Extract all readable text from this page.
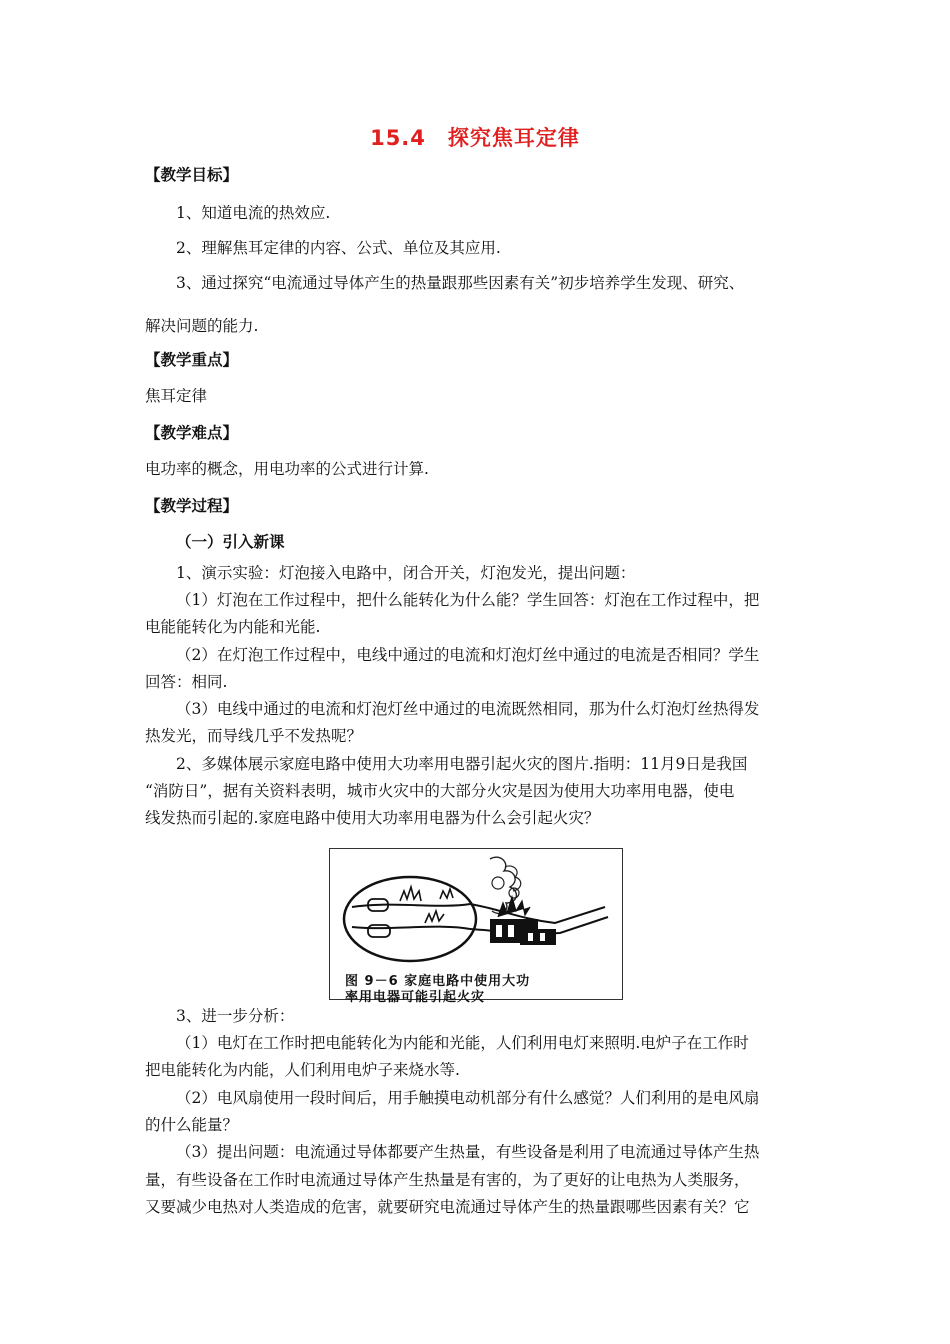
15.4 探究焦耳定律
【教学目标】
1、知道电流的热效应.
2、理解焦耳定律的内容、公式、单位及其应用.
3、通过探究“电流通过导体产生的热量跟那些因素有关”初步培养学生发现、研究、
解决问题的能力.
【教学重点】
焦耳定律
【教学难点】
电功率的概念，用电功率的公式进行计算.
【教学过程】
（一）引入新课
1、演示实验：灯泡接入电路中，闭合开关，灯泡发光，提出问题：
（1）灯泡在工作过程中，把什么能转化为什么能？学生回答：灯泡在工作过程中，把
电能能转化为内能和光能.
（2）在灯泡工作过程中，电线中通过的电流和灯泡灯丝中通过的电流是否相同？学生
回答：相同.
（3）电线中通过的电流和灯泡灯丝中通过的电流既然相同，那为什么灯泡灯丝热得发
热发光，而导线几乎不发热呢？
2、多媒体展示家庭电路中使用大功率用电器引起火灾的图片.指明：11月9日是我国
“消防日”，据有关资料表明，城市火灾中的大部分火灾是因为使用大功率用电器，使电
线发热而引起的.家庭电路中使用大功率用电器为什么会引起火灾？
图 9－6 家庭电路中使用大功
率用电器可能引起火灾
3、进一步分析：
（1）电灯在工作时把电能转化为内能和光能，人们利用电灯来照明.电炉子在工作时
把电能转化为内能，人们利用电炉子来烧水等.
（2）电风扇使用一段时间后，用手触摸电动机部分有什么感觉？人们利用的是电风扇
的什么能量？
（3）提出问题：电流通过导体都要产生热量，有些设备是利用了电流通过导体产生热
量，有些设备在工作时电流通过导体产生热量是有害的，为了更好的让电热为人类服务，
又要减少电热对人类造成的危害，就要研究电流通过导体产生的热量跟哪些因素有关？它
